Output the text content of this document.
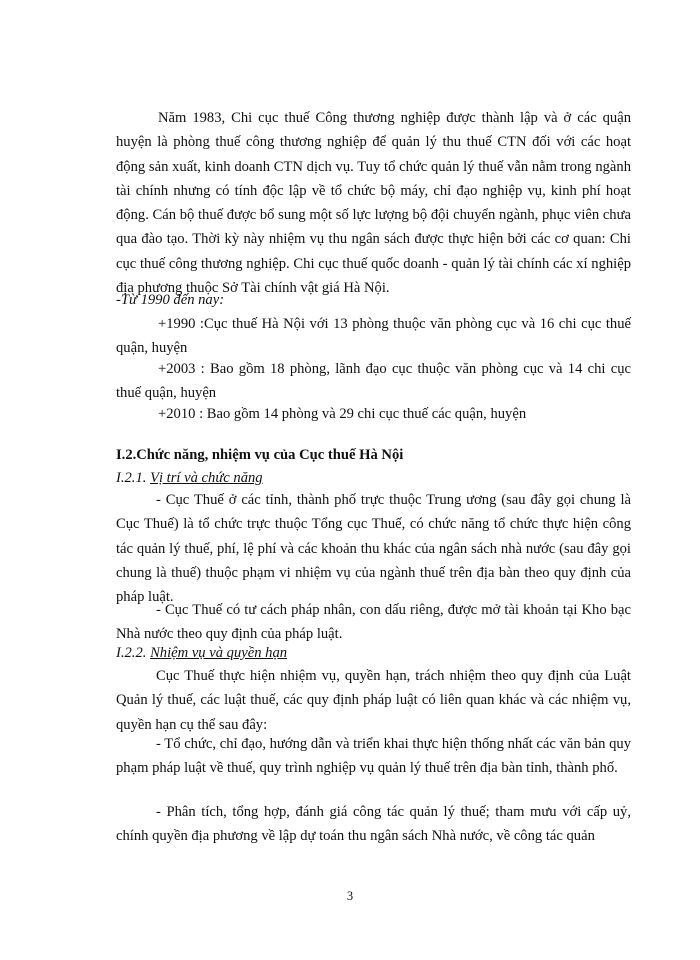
Năm 1983, Chi cục thuế Công thương nghiệp được thành lập và ở các quận huyện là phòng thuế công thương nghiệp để quản lý thu thuế CTN đối với các hoạt động sản xuất, kinh doanh CTN dịch vụ. Tuy tổ chức quản lý thuế vẫn nằm trong ngành tài chính nhưng có tính độc lập về tổ chức bộ máy, chỉ đạo nghiệp vụ, kinh phí hoạt động. Cán bộ thuế được bổ sung một số lực lượng bộ đội chuyển ngành, phục viên chưa qua đào tạo. Thời kỳ này nhiệm vụ thu ngân sách được thực hiện bởi các cơ quan: Chi cục thuế công thương nghiệp. Chi cục thuế quốc doanh - quản lý tài chính các xí nghiệp địa phương thuộc Sở Tài chính vật giá Hà Nội.

-Từ 1990 đến nay:

+1990 :Cục thuế Hà Nội với 13 phòng thuộc văn phòng cục và 16 chi cục thuế quận, huyện

+2003 : Bao gồm 18 phòng, lãnh đạo cục thuộc văn phòng cục và 14 chi cục thuế quận, huyện

+2010 : Bao gồm 14 phòng và 29 chi cục thuế các quận, huyện

I.2.Chức năng, nhiệm vụ của Cục thuế Hà Nội

I.2.1. Vị trí và chức năng

- Cục Thuế ở các tỉnh, thành phố trực thuộc Trung ương (sau đây gọi chung là Cục Thuế) là tổ chức trực thuộc Tổng cục Thuế, có chức năng tổ chức thực hiện công tác quản lý thuế, phí, lệ phí và các khoản thu khác của ngân sách nhà nước (sau đây gọi chung là thuế) thuộc phạm vi nhiệm vụ của ngành thuế trên địa bàn theo quy định của pháp luật.

- Cục Thuế có tư cách pháp nhân, con dấu riêng, được mở tài khoản tại Kho bạc Nhà nước theo quy định của pháp luật.

I.2.2. Nhiệm vụ và quyền hạn

Cục Thuế thực hiện nhiệm vụ, quyền hạn, trách nhiệm theo quy định của Luật Quản lý thuế, các luật thuế, các quy định pháp luật có liên quan khác và các nhiệm vụ, quyền hạn cụ thể sau đây:

- Tổ chức, chỉ đạo, hướng dẫn và triển khai thực hiện thống nhất các văn bản quy phạm pháp luật về thuế, quy trình nghiệp vụ quản lý thuế trên địa bàn tỉnh, thành phố.

- Phân tích, tổng hợp, đánh giá công tác quản lý thuế; tham mưu với cấp uỷ, chính quyền địa phương về lập dự toán thu ngân sách Nhà nước, về công tác quản

3
